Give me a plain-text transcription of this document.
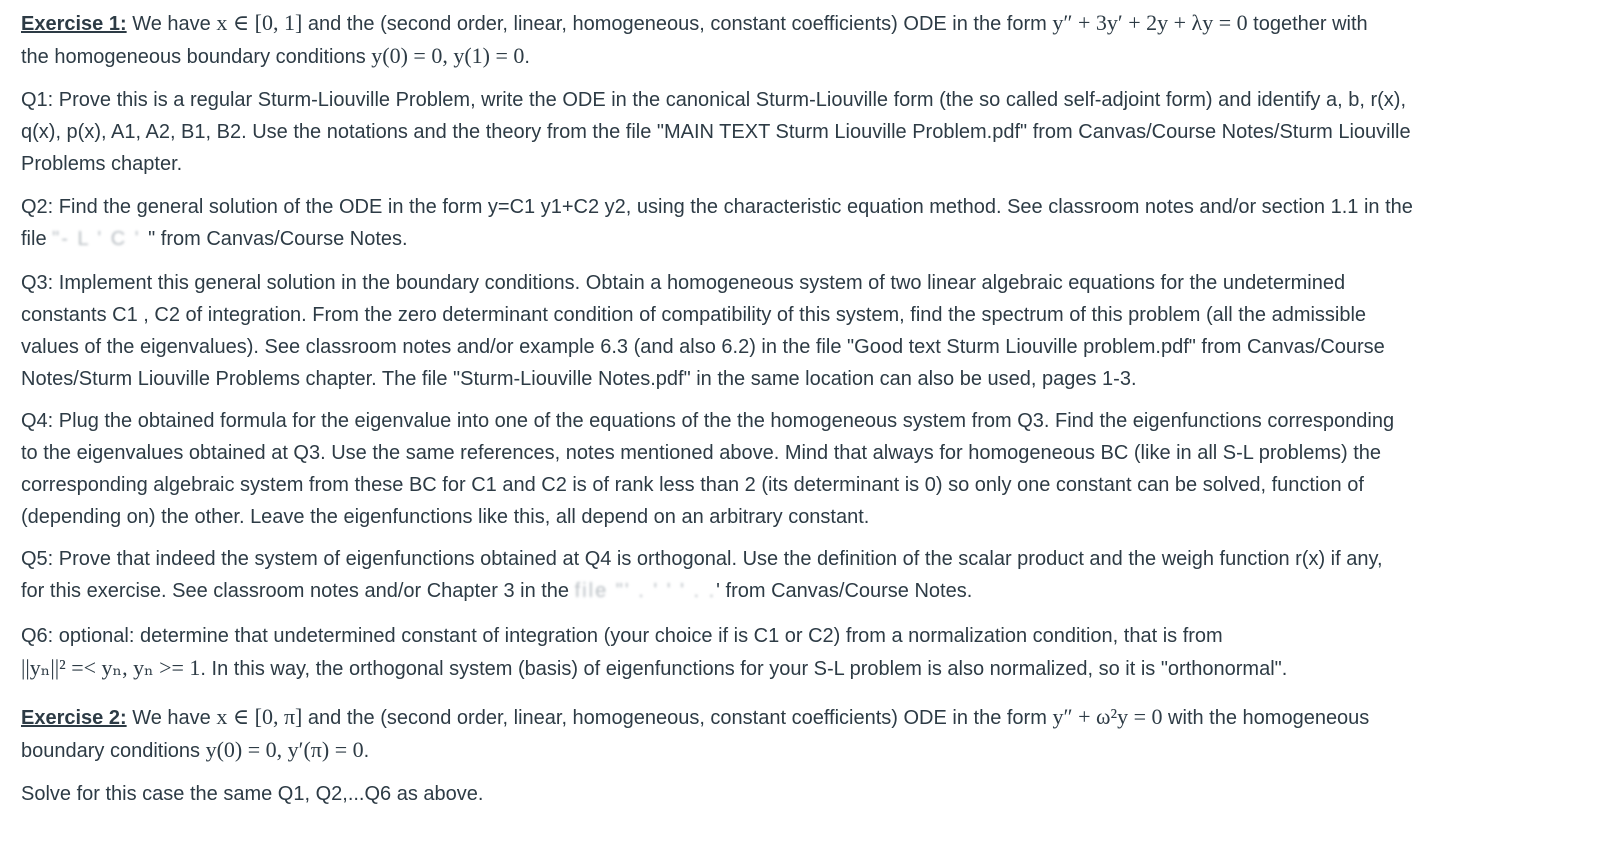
Exercise 1: We have x ∈ [0, 1] and the (second order, linear, homogeneous, constant coefficients) ODE in the form y″ + 3y′ + 2y + λy = 0 together with
the homogeneous boundary conditions y(0) = 0, y(1) = 0.

Q1: Prove this is a regular Sturm-Liouville Problem, write the ODE in the canonical Sturm-Liouville form (the so called self-adjoint form) and identify a, b, r(x),
q(x), p(x), A1, A2, B1, B2. Use the notations and the theory from the file "MAIN TEXT Sturm Liouville Problem.pdf" from Canvas/Course Notes/Sturm Liouville
Problems chapter.

Q2: Find the general solution of the ODE in the form y=C1 y1+C2 y2, using the characteristic equation method. See classroom notes and/or section 1.1 in the
file "- L ' C ' " from Canvas/Course Notes.

Q3: Implement this general solution in the boundary conditions. Obtain a homogeneous system of two linear algebraic equations for the undetermined
constants C1 , C2 of integration. From the zero determinant condition of compatibility of this system, find the spectrum of this problem (all the admissible
values of the eigenvalues). See classroom notes and/or example 6.3 (and also 6.2) in the file "Good text Sturm Liouville problem.pdf" from Canvas/Course
Notes/Sturm Liouville Problems chapter. The file "Sturm-Liouville Notes.pdf" in the same location can also be used, pages 1-3.

Q4: Plug the obtained formula for the eigenvalue into one of the equations of the the homogeneous system from Q3. Find the eigenfunctions corresponding
to the eigenvalues obtained at Q3. Use the same references, notes mentioned above. Mind that always for homogeneous BC (like in all S-L problems) the
corresponding algebraic system from these BC for C1 and C2 is of rank less than 2 (its determinant is 0) so only one constant can be solved, function of
(depending on) the other. Leave the eigenfunctions like this, all depend on an arbitrary constant.

Q5: Prove that indeed the system of eigenfunctions obtained at Q4 is orthogonal. Use the definition of the scalar product and the weigh function r(x) if any,
for this exercise. See classroom notes and/or Chapter 3 in the file "' . ' ' ' . .' from Canvas/Course Notes.

Q6: optional: determine that undetermined constant of integration (your choice if is C1 or C2) from a normalization condition, that is from
||yₙ||² =< yₙ, yₙ >= 1. In this way, the orthogonal system (basis) of eigenfunctions for your S-L problem is also normalized, so it is "orthonormal".

Exercise 2: We have x ∈ [0, π] and the (second order, linear, homogeneous, constant coefficients) ODE in the form y″ + ω²y = 0 with the homogeneous
boundary conditions y(0) = 0, y′(π) = 0.

Solve for this case the same Q1, Q2,...Q6 as above.
